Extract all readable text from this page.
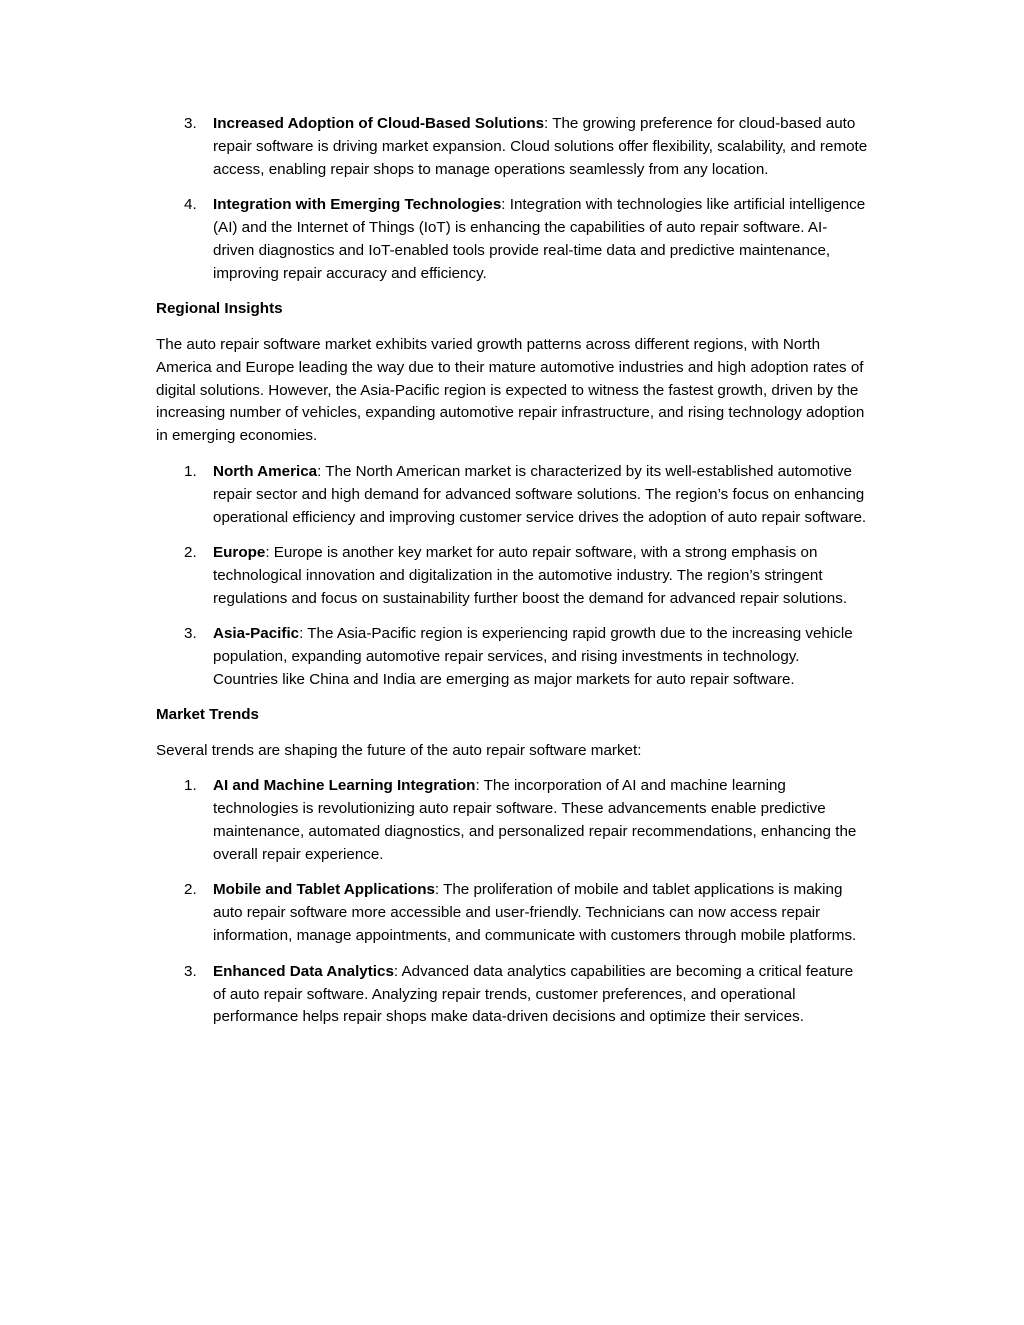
3.	Increased Adoption of Cloud-Based Solutions: The growing preference for cloud-based auto repair software is driving market expansion. Cloud solutions offer flexibility, scalability, and remote access, enabling repair shops to manage operations seamlessly from any location.
4.	Integration with Emerging Technologies: Integration with technologies like artificial intelligence (AI) and the Internet of Things (IoT) is enhancing the capabilities of auto repair software. AI-driven diagnostics and IoT-enabled tools provide real-time data and predictive maintenance, improving repair accuracy and efficiency.

Regional Insights

The auto repair software market exhibits varied growth patterns across different regions, with North America and Europe leading the way due to their mature automotive industries and high adoption rates of digital solutions. However, the Asia-Pacific region is expected to witness the fastest growth, driven by the increasing number of vehicles, expanding automotive repair infrastructure, and rising technology adoption in emerging economies.

1.	North America: The North American market is characterized by its well-established automotive repair sector and high demand for advanced software solutions. The region’s focus on enhancing operational efficiency and improving customer service drives the adoption of auto repair software.
2.	Europe: Europe is another key market for auto repair software, with a strong emphasis on technological innovation and digitalization in the automotive industry. The region’s stringent regulations and focus on sustainability further boost the demand for advanced repair solutions.
3.	Asia-Pacific: The Asia-Pacific region is experiencing rapid growth due to the increasing vehicle population, expanding automotive repair services, and rising investments in technology. Countries like China and India are emerging as major markets for auto repair software.

Market Trends

Several trends are shaping the future of the auto repair software market:

1.	AI and Machine Learning Integration: The incorporation of AI and machine learning technologies is revolutionizing auto repair software. These advancements enable predictive maintenance, automated diagnostics, and personalized repair recommendations, enhancing the overall repair experience.
2.	Mobile and Tablet Applications: The proliferation of mobile and tablet applications is making auto repair software more accessible and user-friendly. Technicians can now access repair information, manage appointments, and communicate with customers through mobile platforms.
3.	Enhanced Data Analytics: Advanced data analytics capabilities are becoming a critical feature of auto repair software. Analyzing repair trends, customer preferences, and operational performance helps repair shops make data-driven decisions and optimize their services.
